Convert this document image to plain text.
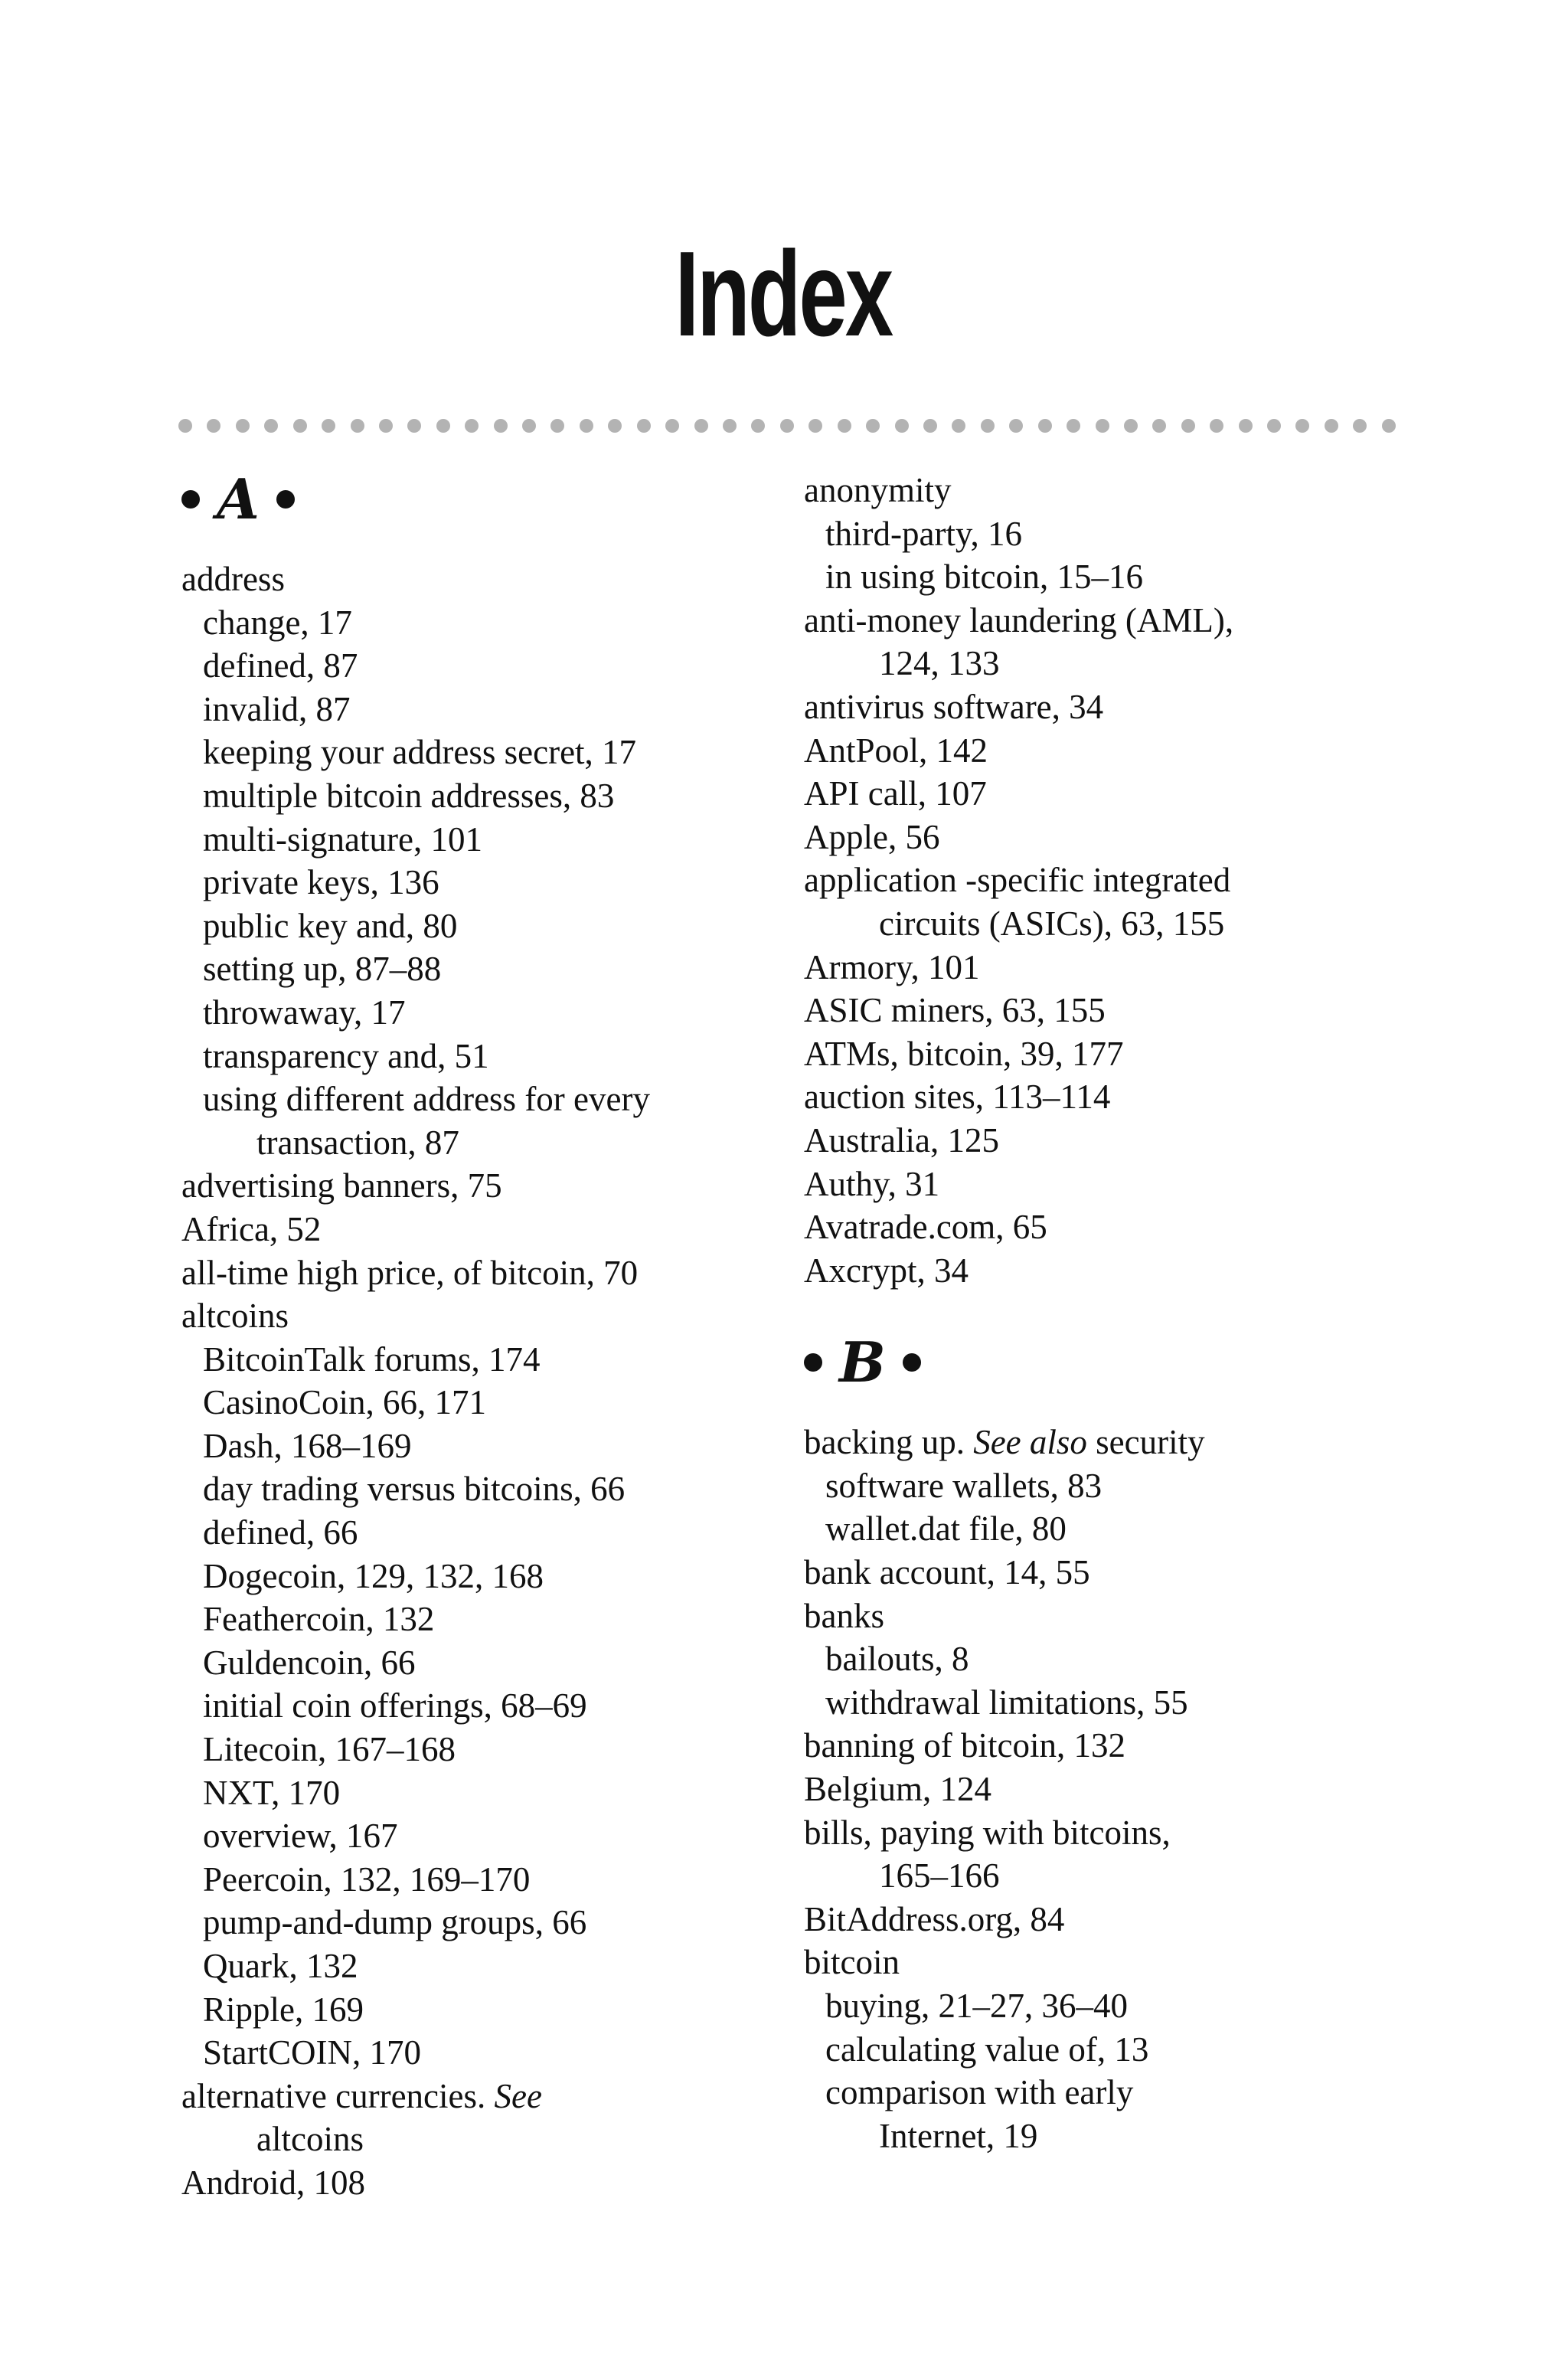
Index
A
address
change, 17
defined, 87
invalid, 87
keeping your address secret, 17
multiple bitcoin addresses, 83
multi-signature, 101
private keys, 136
public key and, 80
setting up, 87–88
throwaway, 17
transparency and, 51
using different address for every
transaction, 87
advertising banners, 75
Africa, 52
all-time high price, of bitcoin, 70
altcoins
BitcoinTalk forums, 174
CasinoCoin, 66, 171
Dash, 168–169
day trading versus bitcoins, 66
defined, 66
Dogecoin, 129, 132, 168
Feathercoin, 132
Guldencoin, 66
initial coin offerings, 68–69
Litecoin, 167–168
NXT, 170
overview, 167
Peercoin, 132, 169–170
pump-and-dump groups, 66
Quark, 132
Ripple, 169
StartCOIN, 170
alternative currencies. See
altcoins
Android, 108
anonymity
third-party, 16
in using bitcoin, 15–16
anti-money laundering (AML),
124, 133
antivirus software, 34
AntPool, 142
API call, 107
Apple, 56
application -specific integrated
circuits (ASICs), 63, 155
Armory, 101
ASIC miners, 63, 155
ATMs, bitcoin, 39, 177
auction sites, 113–114
Australia, 125
Authy, 31
Avatrade.com, 65
Axcrypt, 34
B
backing up. See also security
software wallets, 83
wallet.dat file, 80
bank account, 14, 55
banks
bailouts, 8
withdrawal limitations, 55
banning of bitcoin, 132
Belgium, 124
bills, paying with bitcoins,
165–166
BitAddress.org, 84
bitcoin
buying, 21–27, 36–40
calculating value of, 13
comparison with early
Internet, 19
